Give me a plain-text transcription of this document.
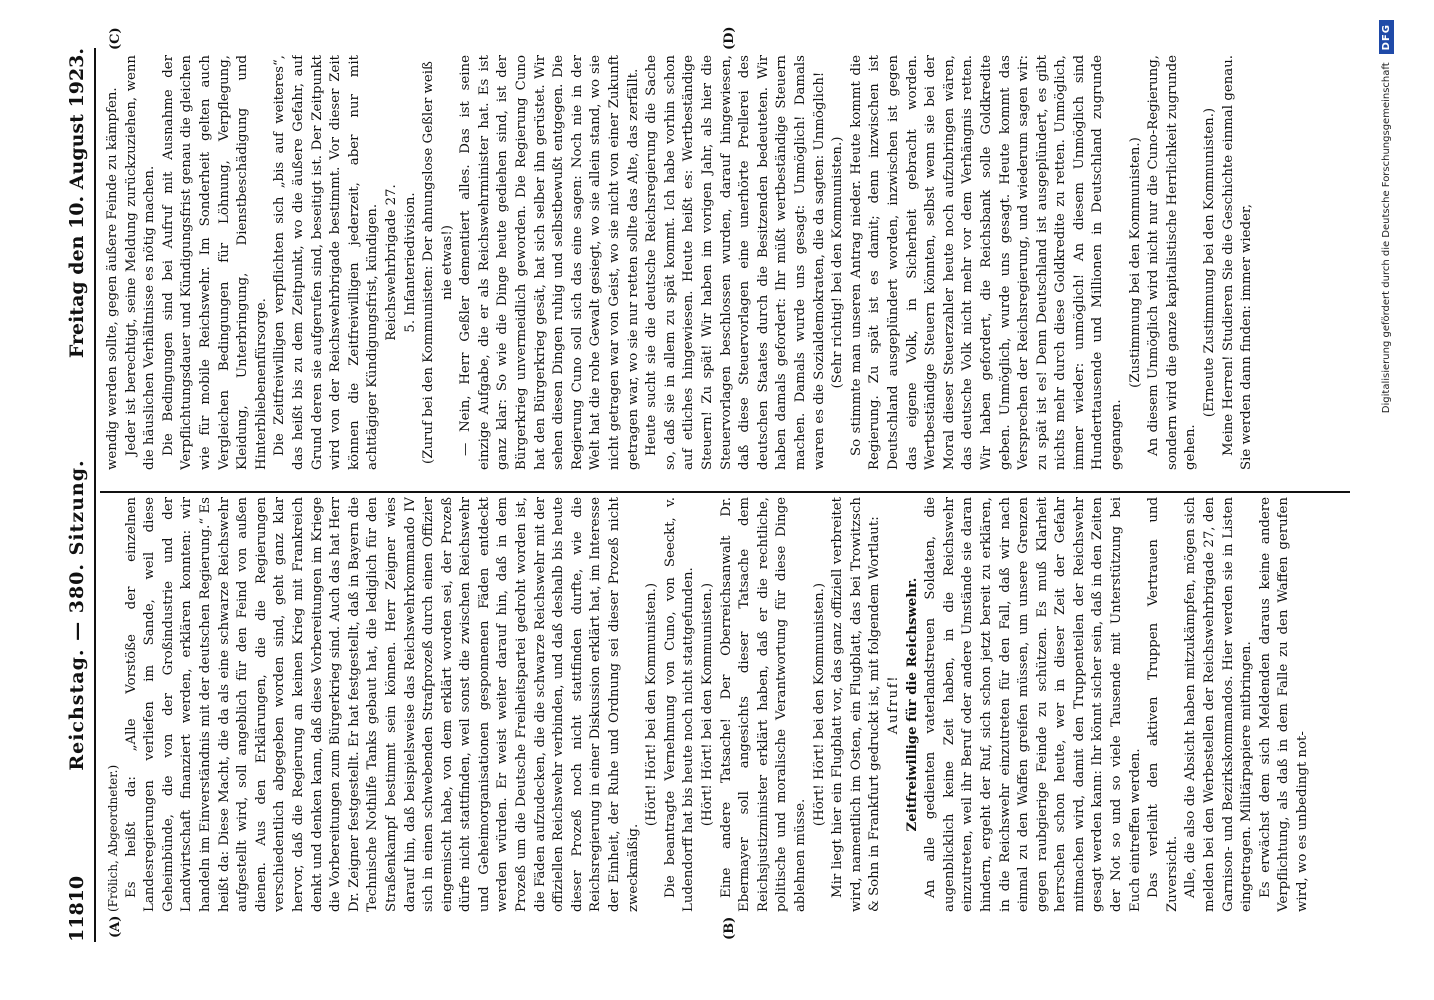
11810
Reichstag. — 380. Sitzung.
Freitag den 10. August 1923.
(A)	(B)
(C)	(D)

(Frölich, Abgeordneter.) Es heißt da: „Alle Vorstöße der einzelnen Landesregierungen verliefen im Sande, weil diese Geheimbünde, die von der Großindustrie und der Landwirtschaft finanziert werden, erklären konnten: wir handeln im Einverständnis mit der deutschen Regierung.“ Es heißt da: Diese Macht, die da als eine schwarze Reichswehr aufgestellt wird, soll angeblich für den Feind von außen dienen. Aus den Erklärungen, die die Regierungen verschiedentlich abgegeben worden sind, geht ganz klar hervor, daß die Regierung an keinen Krieg mit Frankreich denkt und denken kann, daß diese Vorbereitungen im Kriege die Vorbereitungen zum Bürgerkrieg sind. Auch das hat Herr Dr. Zeigner festgestellt. Er hat festgestellt, daß in Bayern die Technische Nothilfe Tanks gebaut hat, die lediglich für den Straßenkampf bestimmt sein können. Herr Zeigner wies darauf hin, daß beispielsweise das Reichswehrkommando IV sich in einen schwebenden Strafprozeß durch einen Offizier eingemischt habe, von dem erklärt worden sei, der Prozeß dürfe nicht stattfinden, weil sonst die zwischen Reichswehr und Geheimorganisationen gesponnenen Fäden entdeckt werden würden. Er weist weiter darauf hin, daß in dem Prozeß um die Deutsche Freiheitspartei gedroht worden ist, die Fäden aufzudecken, die die schwarze Reichswehr mit der offiziellen Reichswehr verbinden, und daß deshalb bis heute dieser Prozeß noch nicht stattfinden durfte, wie die Reichsregierung in einer Diskussion erklärt hat, im Interesse der Einheit, der Ruhe und Ordnung sei dieser Prozeß nicht zweckmäßig.

(Hört! Hört! bei den Kommunisten.) Die beantragte Vernehmung von Cuno, von Seeckt, v. Ludendorff hat bis heute noch nicht stattgefunden. (Hört! Hört! bei den Kommunisten.) Eine andere Tatsache! Der Oberreichsanwalt Dr. Ebermayer soll angesichts dieser Tatsache dem Reichsjustizminister erklärt haben, daß er die rechtliche, politische und moralische Verantwortung für diese Dinge ablehnen müsse.

(Hört! Hört! bei den Kommunisten.) Mir liegt hier ein Flugblatt vor, das ganz offiziell verbreitet wird, namentlich im Osten, ein Flugblatt, das bei Trowitzsch & Sohn in Frankfurt gedruckt ist, mit folgendem Wortlaut: Aufruf! Zeitfreiwillige für die Reichswehr. An alle gedienten vaterlandstreuen Soldaten, die augenblicklich keine Zeit haben, in die Reichswehr einzutreten, weil ihr Beruf oder andere Umstände sie daran hindern, ergeht der Ruf, sich schon jetzt bereit zu erklären, in die Reichswehr einzutreten für den Fall, daß wir nach einmal zu den Waffen greifen müssen, um unsere Grenzen gegen raubgierige Feinde zu schützen. Es muß Klarheit herrschen schon heute, wer in dieser Zeit der Gefahr mitmachen wird, damit den Truppenteilen der Reichswehr gesagt werden kann: Ihr könnt sicher sein, daß in den Zeiten der Not so und so viele Tausende mit Unterstützung bei Euch eintreffen werden. Das verleiht den aktiven Truppen Vertrauen und Zuversicht. Alle, die also die Absicht haben mitzukämpfen, mögen sich melden bei den Werbestellen der Reichswehrbrigade 27, den Garnison- und Bezirkskommandos. Hier werden sie in Listen eingetragen. Militärpapiere mitbringen. Es erwächst dem sich Meldenden daraus keine andere Verpflichtung, als daß in dem Falle zu den Waffen gerufen wird, wo es unbedingt not-

wendig werden sollte, gegen äußere Feinde zu kämpfen. Jeder ist berechtigt, seine Meldung zurückzuziehen, wenn die häuslichen Verhältnisse es nötig machen. Die Bedingungen sind bei Aufruf mit Ausnahme der Verpflichtungsdauer und Kündigungsfrist genau die gleichen wie für mobile Reichswehr. Im Sonderheit gelten auch Vergleichen Bedingungen für Löhnung, Verpflegung, Kleidung, Unterbringung, Dienstbeschädigung und Hinterbliebenenfürsorge. Die Zeitfreiwilligen verpflichten sich „bis auf weiteres“, das heißt bis zu dem Zeitpunkt, wo die äußere Gefahr, auf Grund deren sie aufgerufen sind, beseitigt ist. Der Zeitpunkt wird von der Reichswehrbrigade bestimmt. Vor dieser Zeit können die Zeitfreiwilligen jederzeit, aber nur mit achttägiger Kündigungsfrist, kündigen. Reichswehrbrigade 27. 5. Infanteriedivision. (Zuruf bei den Kommunisten: Der ahnungslose Geßler weiß nie etwas!) — Nein, Herr Geßler dementiert alles. Das ist seine einzige Aufgabe, die er als Reichswehrminister hat. Es ist ganz klar: So wie die Dinge heute gediehen sind, ist der Bürgerkrieg unvermeidlich geworden. Die Regierung Cuno hat den Bürgerkrieg gesät, hat sich selber ihn gerüstet. Wir sehen diesen Dingen ruhig und selbstbewußt entgegen. Die Regierung Cuno soll sich das eine sagen: Noch nie in der Welt hat die rohe Gewalt gesiegt, wo sie allein stand, wo sie nicht getragen war von Geist, wo sie nicht von einer Zukunft getragen war, wo sie nur retten sollte das Alte, das zerfällt. Heute sucht sie die deutsche Reichsregierung die Sache so, daß sie in allem zu spät kommt. Ich habe vorhin schon auf etliches hingewiesen. Heute heißt es: Wertbeständige Steuern! Zu spät! Wir haben im vorigen Jahr, als hier die Steuervorlagen beschlossen wurden, darauf hingewiesen, daß diese Steuervorlagen eine unerhörte Prellerei des deutschen Staates durch die Besitzenden bedeuteten. Wir haben damals gefordert: Ihr müßt wertbeständige Steuern machen. Damals wurde uns gesagt: Unmöglich! Damals waren es die Sozialdemokraten, die da sagten: Unmöglich! (Sehr richtig! bei den Kommunisten.) So stimmte man unseren Antrag nieder. Heute kommt die Regierung. Zu spät ist es damit; denn inzwischen ist Deutschland ausgeplündert worden, inzwischen ist gegen das eigene Volk, in Sicherheit gebracht worden. Wertbeständige Steuern könnten, selbst wenn sie bei der Moral dieser Steuerzahler heute noch aufzubringen wären, das deutsche Volk nicht mehr vor dem Verhängnis retten. Wir haben gefordert, die Reichsbank solle Goldkredite geben. Unmöglich, wurde uns gesagt. Heute kommt das Versprechen der Reichsregierung, und wiederum sagen wir: zu spät ist es! Denn Deutschland ist ausgeplündert, es gibt nichts mehr durch diese Goldkredite zu retten. Unmöglich, immer wieder: unmöglich! An diesem Unmöglich sind Hunderttausende und Millionen in Deutschland zugrunde gegangen.

(Zustimmung bei den Kommunisten.) An diesem Unmöglich wird nicht nur die Cuno-Regierung, sondern wird die ganze kapitalistische Herrlichkeit zugrunde gehen.

(Erneute Zustimmung bei den Kommunisten.) Meine Herren! Studieren Sie die Geschichte einmal genau. Sie werden dann finden: immer wieder,	Digitalisierung gefördert durch die Deutsche Forschungsgemeinschaft
DFG
